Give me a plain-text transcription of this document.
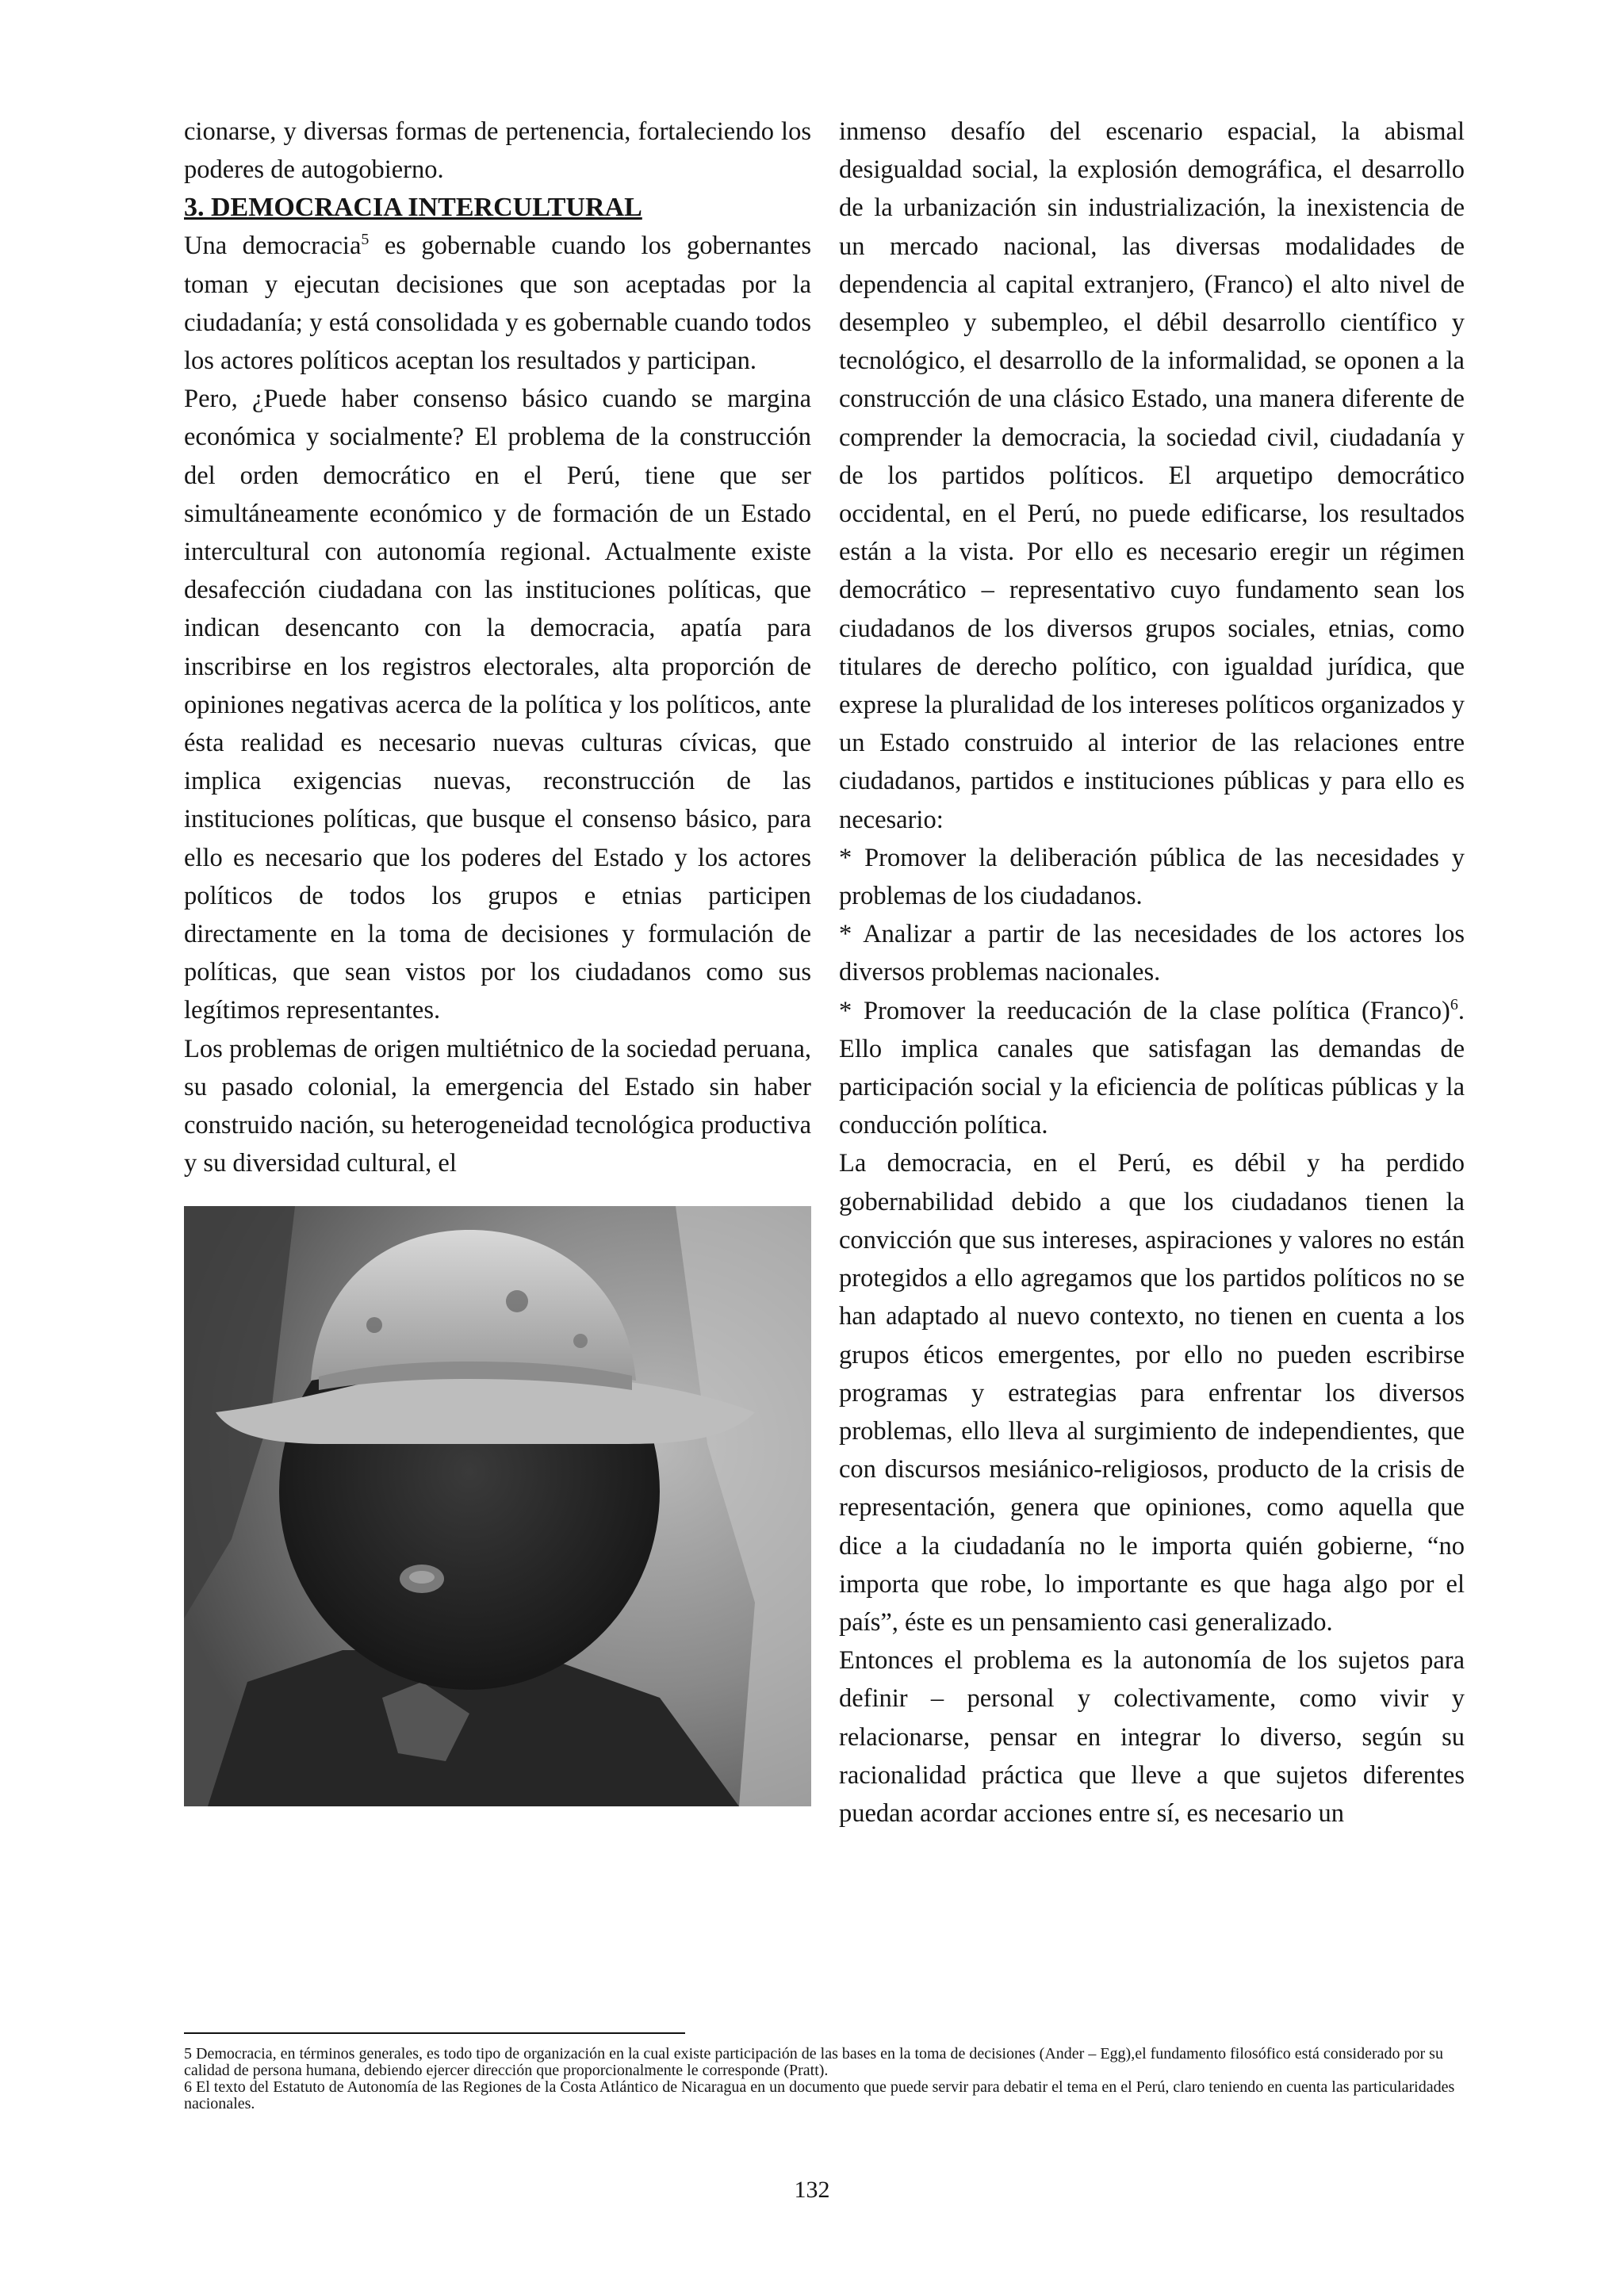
cionarse, y diversas formas de pertenencia, fortaleciendo los poderes de autogobierno.

3. DEMOCRACIA INTERCULTURAL

Una democracia$^5$ es gobernable cuando los gobernantes toman y ejecutan decisiones que son aceptadas por la ciudadanía; y está consolidada y es gobernable cuando todos los actores políticos aceptan los resultados y participan.

Pero, ¿Puede haber consenso básico cuando se margina económica y socialmente? El problema de la construcción del orden democrático en el Perú, tiene que ser simultáneamente económico y de formación de un Estado intercultural con autonomía regional. Actualmente existe desafección ciudadana con las instituciones políticas, que indican desencanto con la democracia, apatía para inscribirse en los registros electorales, alta proporción de opiniones negativas acerca de la política y los políticos, ante ésta realidad es necesario nuevas culturas cívicas, que implica exigencias nuevas, reconstrucción de las instituciones políticas, que busque el consenso básico, para ello es necesario que los poderes del Estado y los actores políticos de todos los grupos e etnias participen directamente en la toma de decisiones y formulación de políticas, que sean vistos por los ciudadanos como sus legítimos representantes.

Los problemas de origen multiétnico de la sociedad peruana, su pasado colonial, la emergencia del Estado sin haber construido nación, su heterogeneidad tecnológica productiva y su diversidad cultural, el

inmenso desafío del escenario espacial, la abismal desigualdad social, la explosión demográfica, el desarrollo de la urbanización sin industrialización, la inexistencia de un mercado nacional, las diversas modalidades de dependencia al capital extranjero, (Franco) el alto nivel de desempleo y subempleo, el débil desarrollo científico y tecnológico, el desarrollo de la informalidad, se oponen a la construcción de una clásico Estado, una manera diferente de comprender la democracia, la sociedad civil, ciudadanía y de los partidos políticos. El arquetipo democrático occidental, en el Perú, no puede edificarse, los resultados están a la vista. Por ello es necesario eregir un régimen democrático – representativo cuyo fundamento sean los ciudadanos de los diversos grupos sociales, etnias, como titulares de derecho político, con igualdad jurídica, que exprese la pluralidad de los intereses políticos organizados y un Estado construido al interior de las relaciones entre ciudadanos, partidos e instituciones públicas y para ello es necesario:

* Promover la deliberación pública de las necesidades y problemas de los ciudadanos.

* Analizar a partir de las necesidades de los actores los diversos problemas nacionales.

* Promover la reeducación de la clase política (Franco)$^6$. Ello implica canales que satisfagan las demandas de participación social y la eficiencia de políticas públicas y la conducción política.

La democracia, en el Perú, es débil y ha perdido gobernabilidad debido a que los ciudadanos tienen la convicción que sus intereses, aspiraciones y valores no están protegidos a ello agregamos que los partidos políticos no se han adaptado al nuevo contexto, no tienen en cuenta a los grupos éticos emergentes, por ello no pueden escribirse programas y estrategias para enfrentar los diversos problemas, ello lleva al surgimiento de independientes, que con discursos mesiánico-religiosos, producto de la crisis de representación, genera que opiniones, como aquella que dice a la ciudadanía no le importa quién gobierne, “no importa que robe, lo importante es que haga algo por el país”, éste es un pensamiento casi generalizado.

Entonces el problema es la autonomía de los sujetos para definir – personal y colectivamente, como vivir y relacionarse, pensar en integrar lo diverso, según su racionalidad práctica que lleve a que sujetos diferentes puedan acordar acciones entre sí, es necesario un

5 Democracia, en términos generales, es todo tipo de organización en la cual existe participación de las bases en la toma de decisiones (Ander – Egg),el fundamento filosófico está considerado por su calidad de persona humana, debiendo ejercer dirección que proporcionalmente le corresponde (Pratt).

6 El texto del Estatuto de Autonomía de las Regiones de la Costa Atlántico de Nicaragua en un documento que puede servir para debatir el tema en el Perú, claro teniendo en cuenta las particularidades nacionales.

132
